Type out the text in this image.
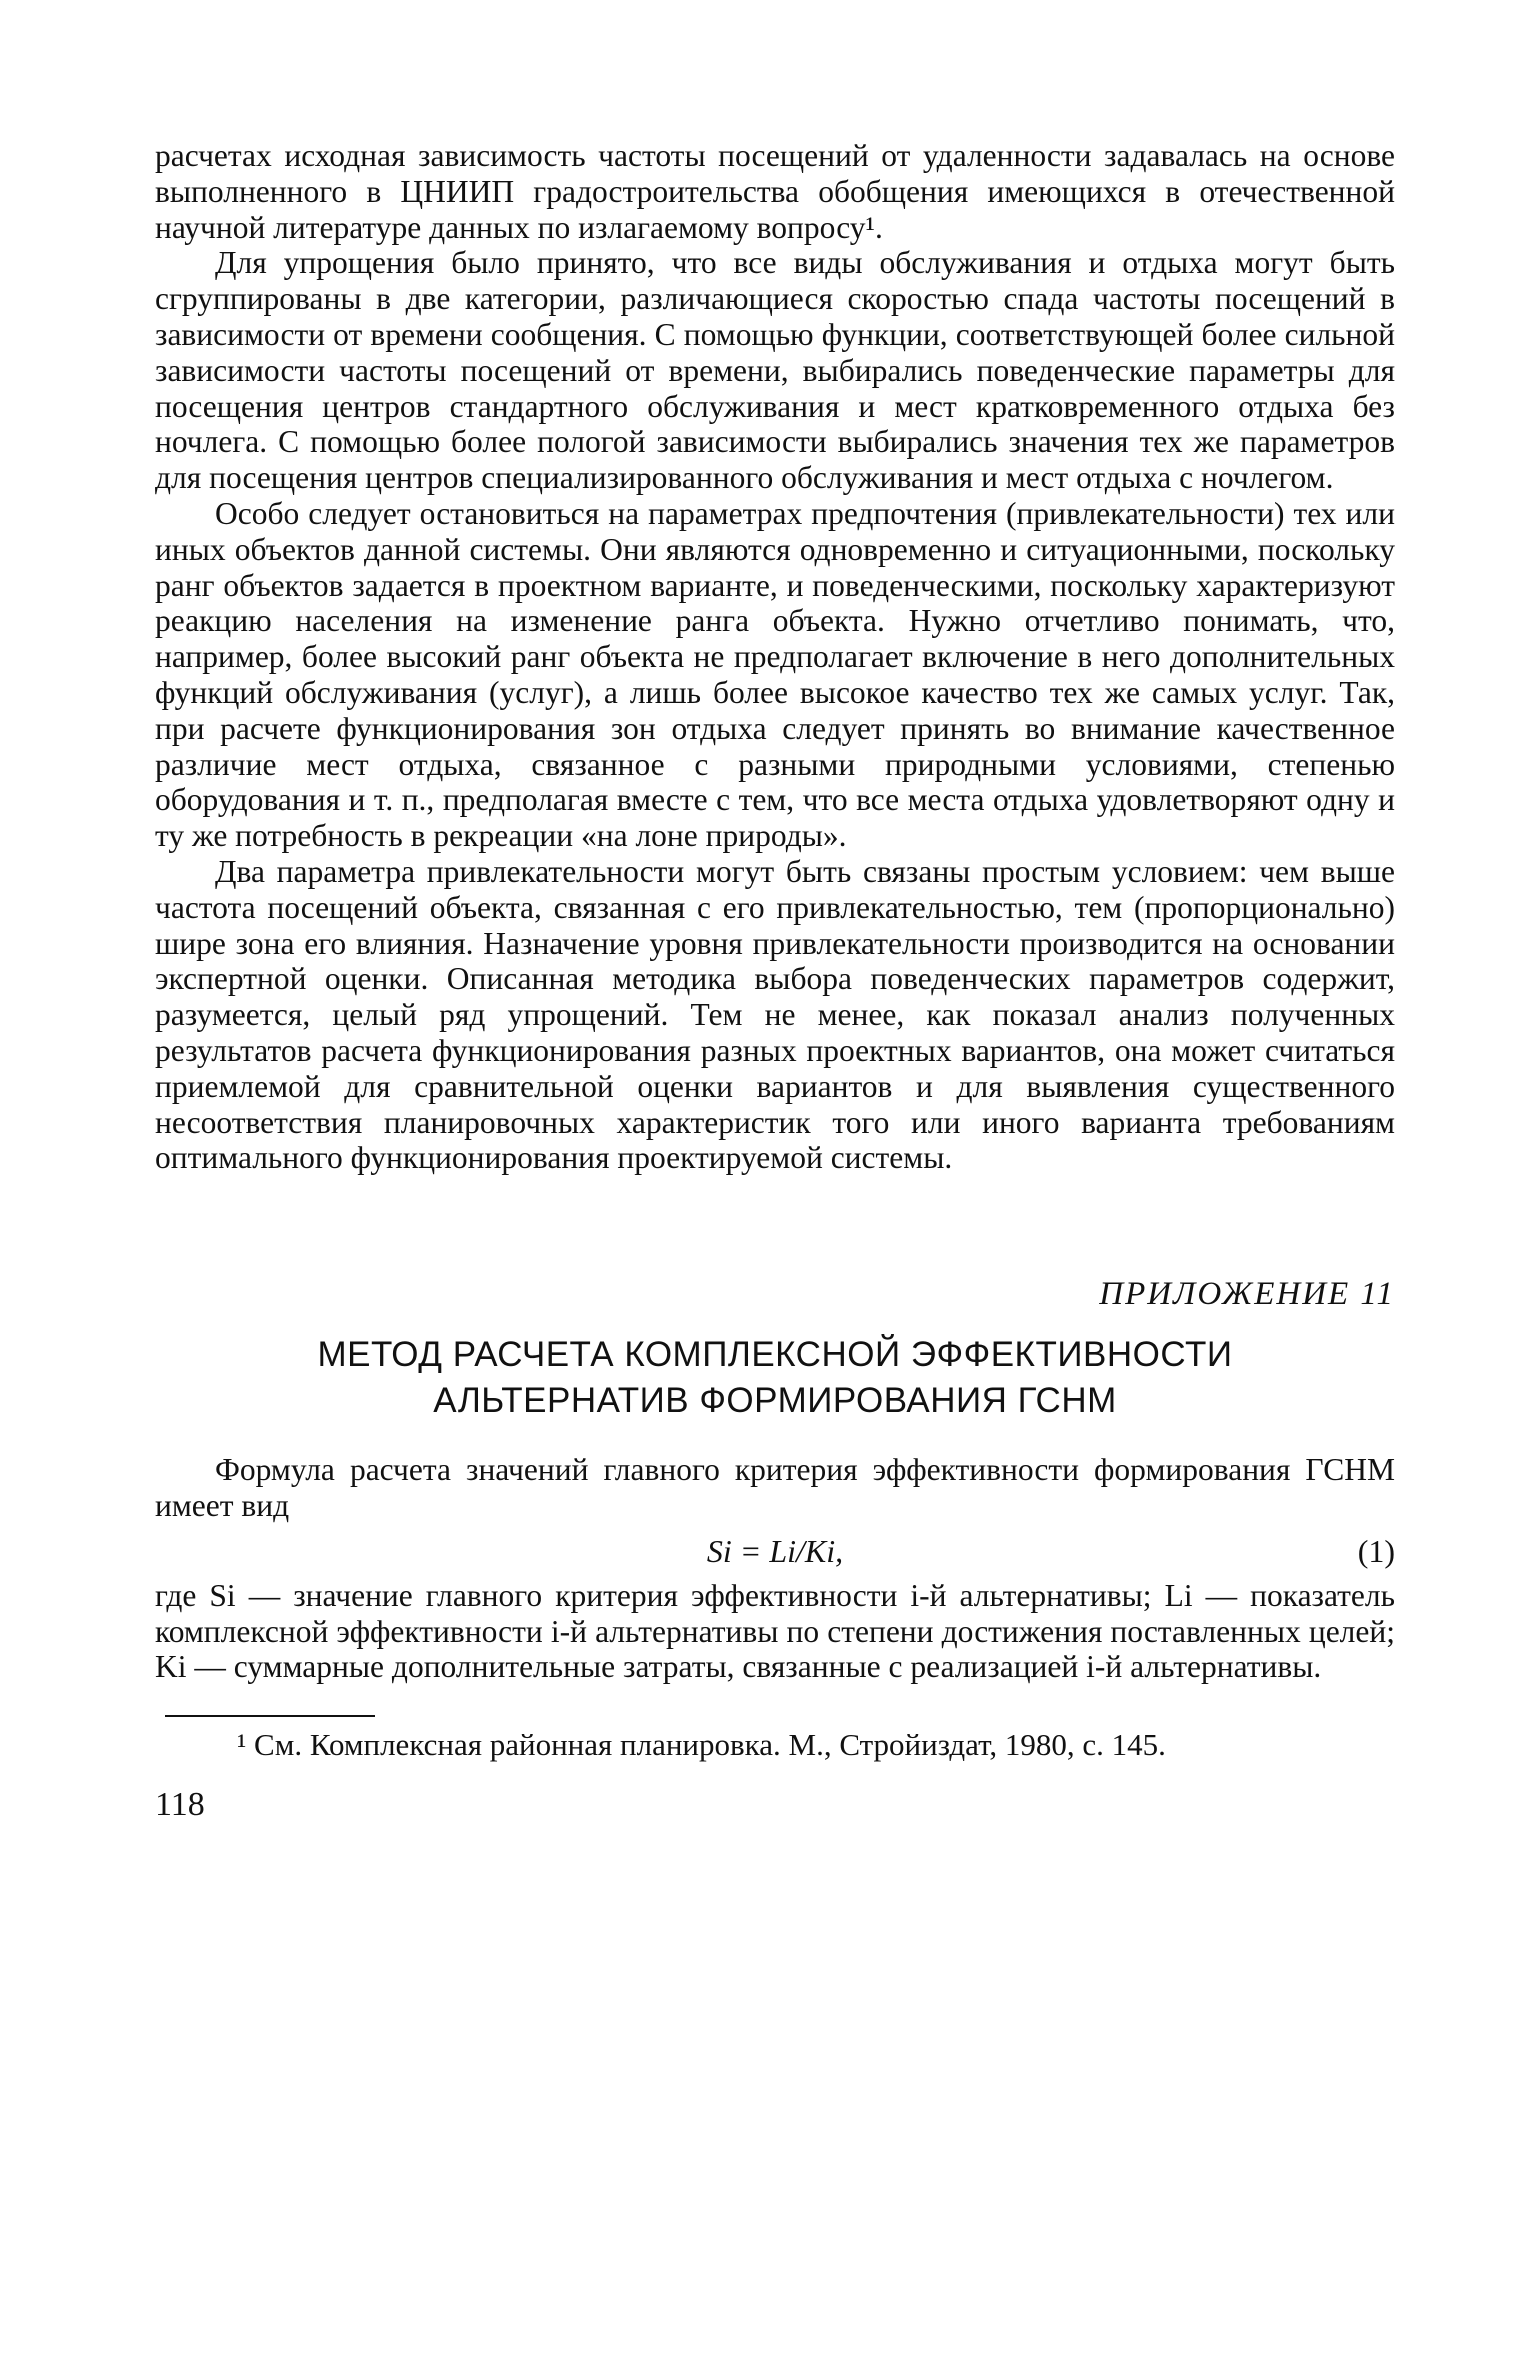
расчетах исходная зависимость частоты посещений от удаленности задавалась на основе выполненного в ЦНИИП градостроительства обобщения имеющихся в отечественной научной литературе данных по излагаемому вопросу¹.

Для упрощения было принято, что все виды обслуживания и отдыха могут быть сгруппированы в две категории, различающиеся скоростью спада частоты посещений в зависимости от времени сообщения. С помощью функции, соответствующей более сильной зависимости частоты посещений от времени, выбирались поведенческие параметры для посещения центров стандартного обслуживания и мест кратковременного отдыха без ночлега. С помощью более пологой зависимости выбирались значения тех же параметров для посещения центров специализированного обслуживания и мест отдыха с ночлегом.

Особо следует остановиться на параметрах предпочтения (привлекательности) тех или иных объектов данной системы. Они являются одновременно и ситуационными, поскольку ранг объектов задается в проектном варианте, и поведенческими, поскольку характеризуют реакцию населения на изменение ранга объекта. Нужно отчетливо понимать, что, например, более высокий ранг объекта не предполагает включение в него дополнительных функций обслуживания (услуг), а лишь более высокое качество тех же самых услуг. Так, при расчете функционирования зон отдыха следует принять во внимание качественное различие мест отдыха, связанное с разными природными условиями, степенью оборудования и т. п., предполагая вместе с тем, что все места отдыха удовлетворяют одну и ту же потребность в рекреации «на лоне природы».

Два параметра привлекательности могут быть связаны простым условием: чем выше частота посещений объекта, связанная с его привлекательностью, тем (пропорционально) шире зона его влияния. Назначение уровня привлекательности производится на основании экспертной оценки. Описанная методика выбора поведенческих параметров содержит, разумеется, целый ряд упрощений. Тем не менее, как показал анализ полученных результатов расчета функционирования разных проектных вариантов, она может считаться приемлемой для сравнительной оценки вариантов и для выявления существенного несоответствия планировочных характеристик того или иного варианта требованиям оптимального функционирования проектируемой системы.

ПРИЛОЖЕНИЕ 11
МЕТОД РАСЧЕТА КОМПЛЕКСНОЙ ЭФФЕКТИВНОСТИ
АЛЬТЕРНАТИВ ФОРМИРОВАНИЯ ГСНМ

Формула расчета значений главного критерия эффективности формирования ГСНМ имеет вид

Si = Li/Ki,	(1)

где Si — значение главного критерия эффективности i-й альтернативы; Li — показатель комплексной эффективности i-й альтернативы по степени достижения поставленных целей; Ki — суммарные дополнительные затраты, связанные с реализацией i-й альтернативы.

¹ См. Комплексная районная планировка. М., Стройиздат, 1980, с. 145.

118
